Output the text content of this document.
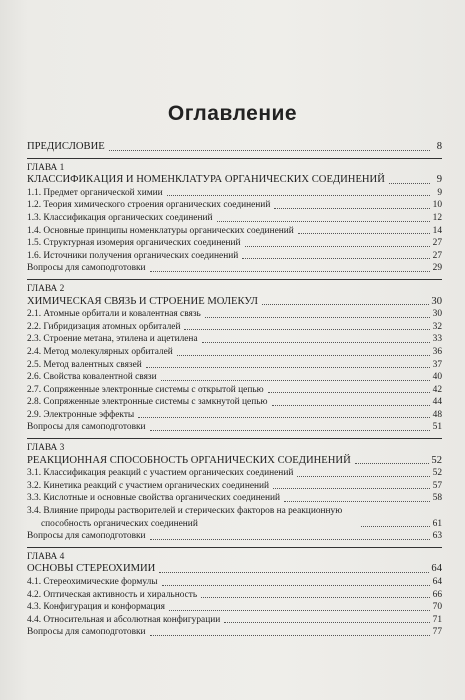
Оглавление
ПРЕДИСЛОВИЕ	8
ГЛАВА 1
КЛАССИФИКАЦИЯ И НОМЕНКЛАТУРА ОРГАНИЧЕСКИХ СОЕДИНЕНИЙ	9
1.1. Предмет органической химии	9
1.2. Теория химического строения органических соединений	10
1.3. Классификация органических соединений	12
1.4. Основные принципы номенклатуры органических соединений	14
1.5. Структурная изомерия органических соединений	27
1.6. Источники получения органических соединений	27
Вопросы для самоподготовки	29
ГЛАВА 2
ХИМИЧЕСКАЯ СВЯЗЬ И СТРОЕНИЕ МОЛЕКУЛ	30
2.1. Атомные орбитали и ковалентная связь	30
2.2. Гибридизация атомных орбиталей	32
2.3. Строение метана, этилена и ацетилена	33
2.4. Метод молекулярных орбиталей	36
2.5. Метод валентных связей	37
2.6. Свойства ковалентной связи	40
2.7. Сопряженные электронные системы с открытой цепью	42
2.8. Сопряженные электронные системы с замкнутой цепью	44
2.9. Электронные эффекты	48
Вопросы для самоподготовки	51
ГЛАВА 3
РЕАКЦИОННАЯ СПОСОБНОСТЬ ОРГАНИЧЕСКИХ СОЕДИНЕНИЙ	52
3.1. Классификация реакций с участием органических соединений	52
3.2. Кинетика реакций с участием органических соединений	57
3.3. Кислотные и основные свойства органических соединений	58
3.4. Влияние природы растворителей и стерических факторов на реакционную
способность органических соединений	61
Вопросы для самоподготовки	63
ГЛАВА 4
ОСНОВЫ СТЕРЕОХИМИИ	64
4.1. Стереохимические формулы	64
4.2. Оптическая активность и хиральность	66
4.3. Конфигурация и конформация	70
4.4. Относительная и абсолютная конфигурации	71
Вопросы для самоподготовки	77
